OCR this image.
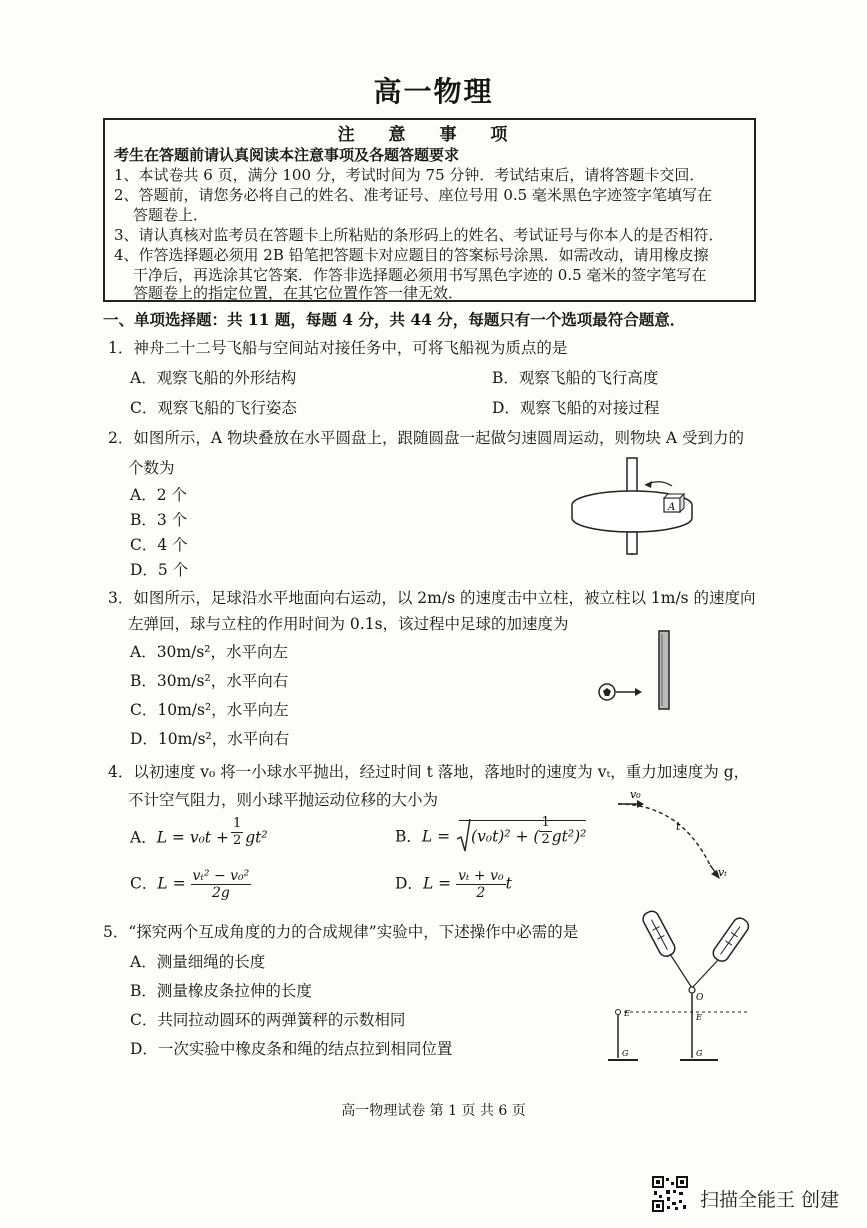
高一物理
注 意 事 项
考生在答题前请认真阅读本注意事项及各题答题要求
1、本试卷共 6 页，满分 100 分，考试时间为 75 分钟．考试结束后，请将答题卡交回．
2、答题前，请您务必将自己的姓名、准考证号、座位号用 0.5 毫米黑色字迹签字笔填写在
答题卷上．
3、请认真核对监考员在答题卡上所粘贴的条形码上的姓名、考试证号与你本人的是否相符．
4、作答选择题必须用 2B 铅笔把答题卡对应题目的答案标号涂黑．如需改动，请用橡皮擦
干净后，再选涂其它答案．作答非选择题必须用书写黑色字迹的 0.5 毫米的签字笔写在
答题卷上的指定位置，在其它位置作答一律无效．
一、单项选择题：共 11 题，每题 4 分，共 44 分，每题只有一个选项最符合题意．
1．神舟二十二号飞船与空间站对接任务中，可将飞船视为质点的是
A．观察飞船的外形结构	B．观察飞船的飞行高度
C．观察飞船的飞行姿态	D．观察飞船的对接过程
2．如图所示，A 物块叠放在水平圆盘上，跟随圆盘一起做匀速圆周运动，则物块 A 受到力的
个数为
A．2 个
B．3 个
C．4 个
D．5 个
A
3．如图所示，足球沿水平地面向右运动，以 2m/s 的速度击中立柱，被立柱以 1m/s 的速度向
左弹回，球与立柱的作用时间为 0.1s，该过程中足球的加速度为
A．30m/s²，水平向左
B．30m/s²，水平向右
C．10m/s²，水平向左
D．10m/s²，水平向右
4．以初速度 v₀ 将一小球水平抛出，经过时间 t 落地，落地时的速度为 vₜ，重力加速度为 g，
不计空气阻力，则小球平抛运动位移的大小为
A．$L = v_0t + \frac{1}{2} gt^2$	B．L = (v₀t)² + ( $\frac{1}{2} gt^2)^2$
C．$L = \frac{\text{vₜ² − v₀²}}{2g}$	D．$L = \frac{\text{vₜ + v₀}}{2}$ t
v₀
t
vₜ
5．“探究两个互成角度的力的合成规律”实验中，下述操作中必需的是
A．测量细绳的长度
B．测量橡皮条拉伸的长度
C．共同拉动圆环的两弹簧秤的示数相同
D．一次实验中橡皮条和绳的结点拉到相同位置
O
E	E
G	G
高一物理试卷 第 1 页 共 6 页
扫描全能王 创建
